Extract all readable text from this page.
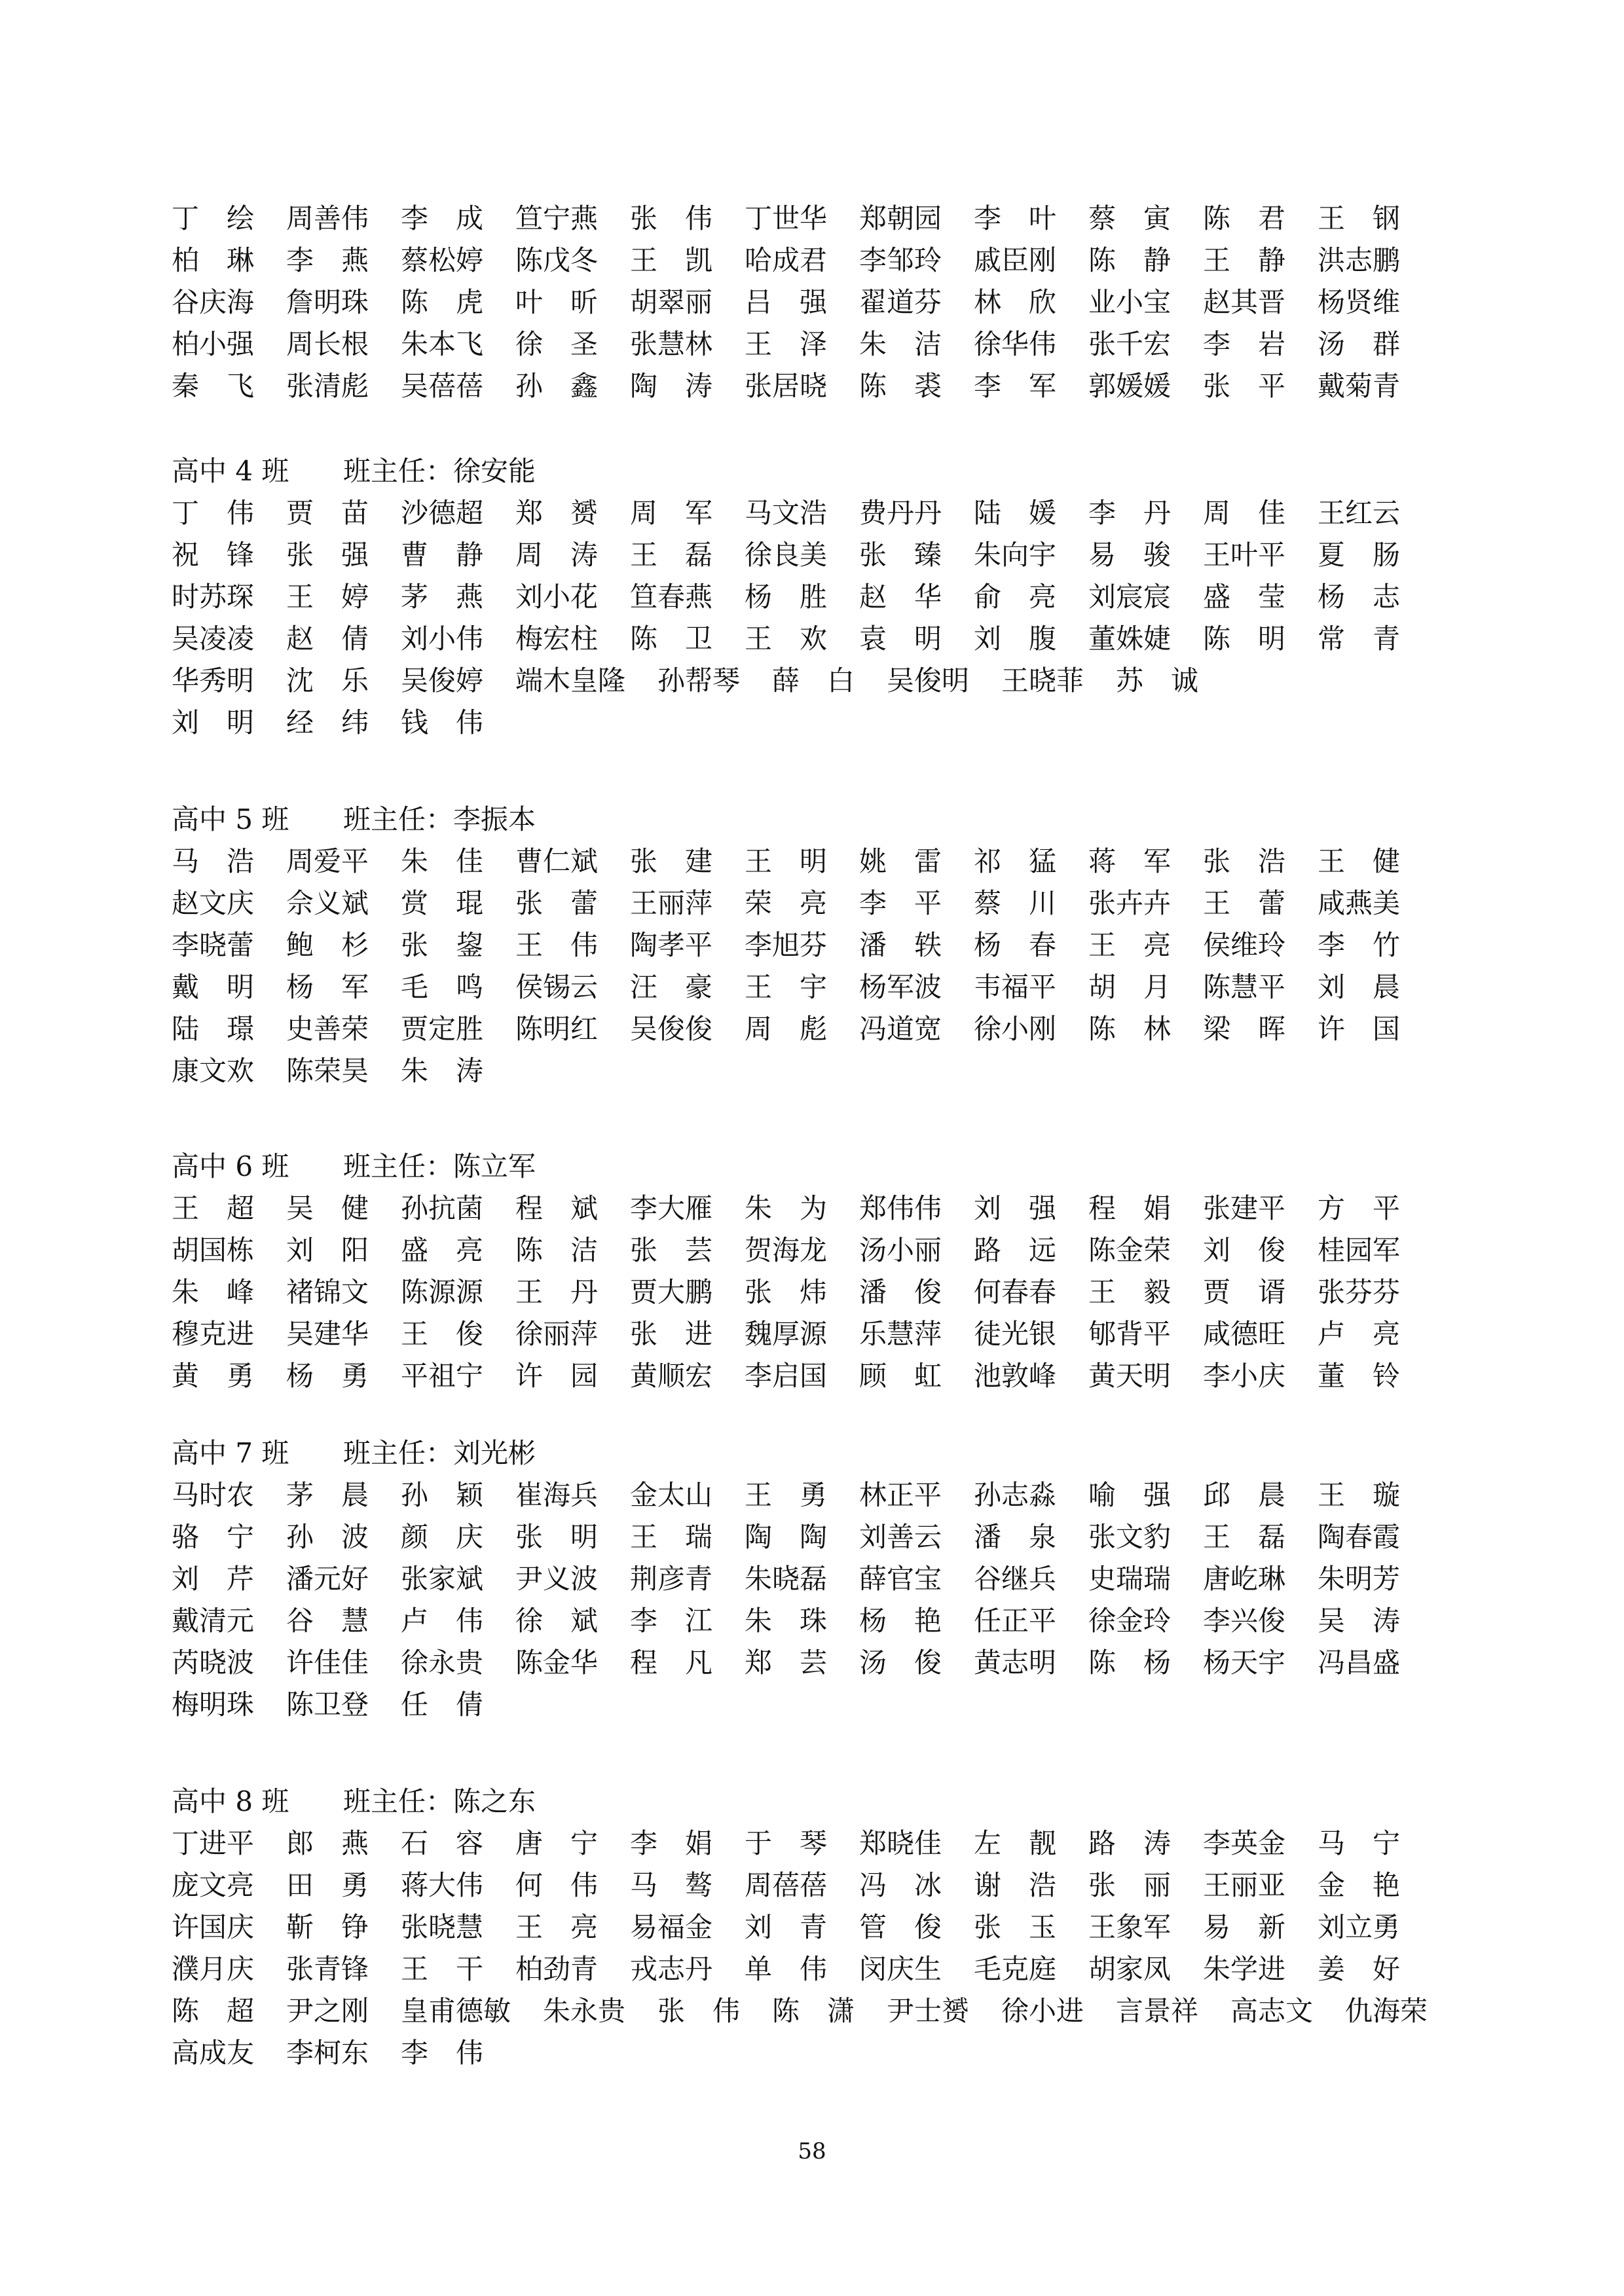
丁　绘 周善伟 李　成 笪宁燕 张　伟 丁世华 郑朝园 李　叶 蔡　寅 陈　君 王　钢
柏　琳 李　燕 蔡松婷 陈戊冬 王　凯 哈成君 李邹玲 戚臣刚 陈　静 王　静 洪志鹏
谷庆海 詹明珠 陈　虎 叶　昕 胡翠丽 吕　强 翟道芬 林　欣 业小宝 赵其晋 杨贤维
柏小强 周长根 朱本飞 徐　圣 张慧林 王　泽 朱　洁 徐华伟 张千宏 李　岩 汤　群
秦　飞 张清彪 吴蓓蓓 孙　鑫 陶　涛 张居晓 陈　裘 李　军 郭媛媛 张　平 戴菊青
高中 4 班 班主任：徐安能
丁　伟 贾　苗 沙德超 郑　赟 周　军 马文浩 费丹丹 陆　媛 李　丹 周　佳 王红云
祝　锋 张　强 曹　静 周　涛 王　磊 徐良美 张　臻 朱向宇 易　骏 王叶平 夏　肠
时苏琛 王　婷 茅　燕 刘小花 笪春燕 杨　胜 赵　华 俞　亮 刘宸宸 盛　莹 杨　志
吴凌凌 赵　倩 刘小伟 梅宏柱 陈　卫 王　欢 袁　明 刘　腹 董姝婕 陈　明 常　青
华秀明 沈　乐 吴俊婷 端木皇隆 孙帮琴 薛　白 吴俊明 王晓菲 苏　诚
刘　明 经　纬 钱　伟
高中 5 班 班主任：李振本
马　浩 周爱平 朱　佳 曹仁斌 张　建 王　明 姚　雷 祁　猛 蒋　军 张　浩 王　健
赵文庆 佘义斌 赏　琨 张　蕾 王丽萍 荣　亮 李　平 蔡　川 张卉卉 王　蕾 咸燕美
李晓蕾 鲍　杉 张　鋆 王　伟 陶孝平 李旭芬 潘　轶 杨　春 王　亮 侯维玲 李　竹
戴　明 杨　军 毛　鸣 侯锡云 汪　豪 王　宇 杨军波 韦福平 胡　月 陈慧平 刘　晨
陆　璟 史善荣 贾定胜 陈明红 吴俊俊 周　彪 冯道宽 徐小刚 陈　林 梁　晖 许　国
康文欢 陈荣昊 朱　涛
高中 6 班 班主任：陈立军
王　超 吴　健 孙抗菌 程　斌 李大雁 朱　为 郑伟伟 刘　强 程　娟 张建平 方　平
胡国栋 刘　阳 盛　亮 陈　洁 张　芸 贺海龙 汤小丽 路　远 陈金荣 刘　俊 桂园军
朱　峰 褚锦文 陈源源 王　丹 贾大鹏 张　炜 潘　俊 何春春 王　毅 贾　谞 张芬芬
穆克进 吴建华 王　俊 徐丽萍 张　进 魏厚源 乐慧萍 徒光银 郇背平 咸德旺 卢　亮
黄　勇 杨　勇 平祖宁 许　园 黄顺宏 李启国 顾　虹 池敦峰 黄天明 李小庆 董　铃
高中 7 班 班主任：刘光彬
马时农 茅　晨 孙　颖 崔海兵 金太山 王　勇 林正平 孙志淼 喻　强 邱　晨 王　璇
骆　宁 孙　波 颜　庆 张　明 王　瑞 陶　陶 刘善云 潘　泉 张文豹 王　磊 陶春霞
刘　芹 潘元好 张家斌 尹义波 荆彦青 朱晓磊 薛官宝 谷继兵 史瑞瑞 唐屹琳 朱明芳
戴清元 谷　慧 卢　伟 徐　斌 李　江 朱　珠 杨　艳 任正平 徐金玲 李兴俊 吴　涛
芮晓波 许佳佳 徐永贵 陈金华 程　凡 郑　芸 汤　俊 黄志明 陈　杨 杨天宇 冯昌盛
梅明珠 陈卫登 任　倩
高中 8 班 班主任：陈之东
丁进平 郎　燕 石　容 唐　宁 李　娟 于　琴 郑晓佳 左　靓 路　涛 李英金 马　宁
庞文亮 田　勇 蒋大伟 何　伟 马　骜 周蓓蓓 冯　冰 谢　浩 张　丽 王丽亚 金　艳
许国庆 靳　铮 张晓慧 王　亮 易福金 刘　青 管　俊 张　玉 王象军 易　新 刘立勇
濮月庆 张青锋 王　干 柏劲青 戎志丹 单　伟 闵庆生 毛克庭 胡家凤 朱学进 姜　好
陈　超 尹之刚 皇甫德敏 朱永贵 张　伟 陈　潇 尹士赟 徐小进 言景祥 高志文 仇海荣
高成友 李柯东 李　伟
58
